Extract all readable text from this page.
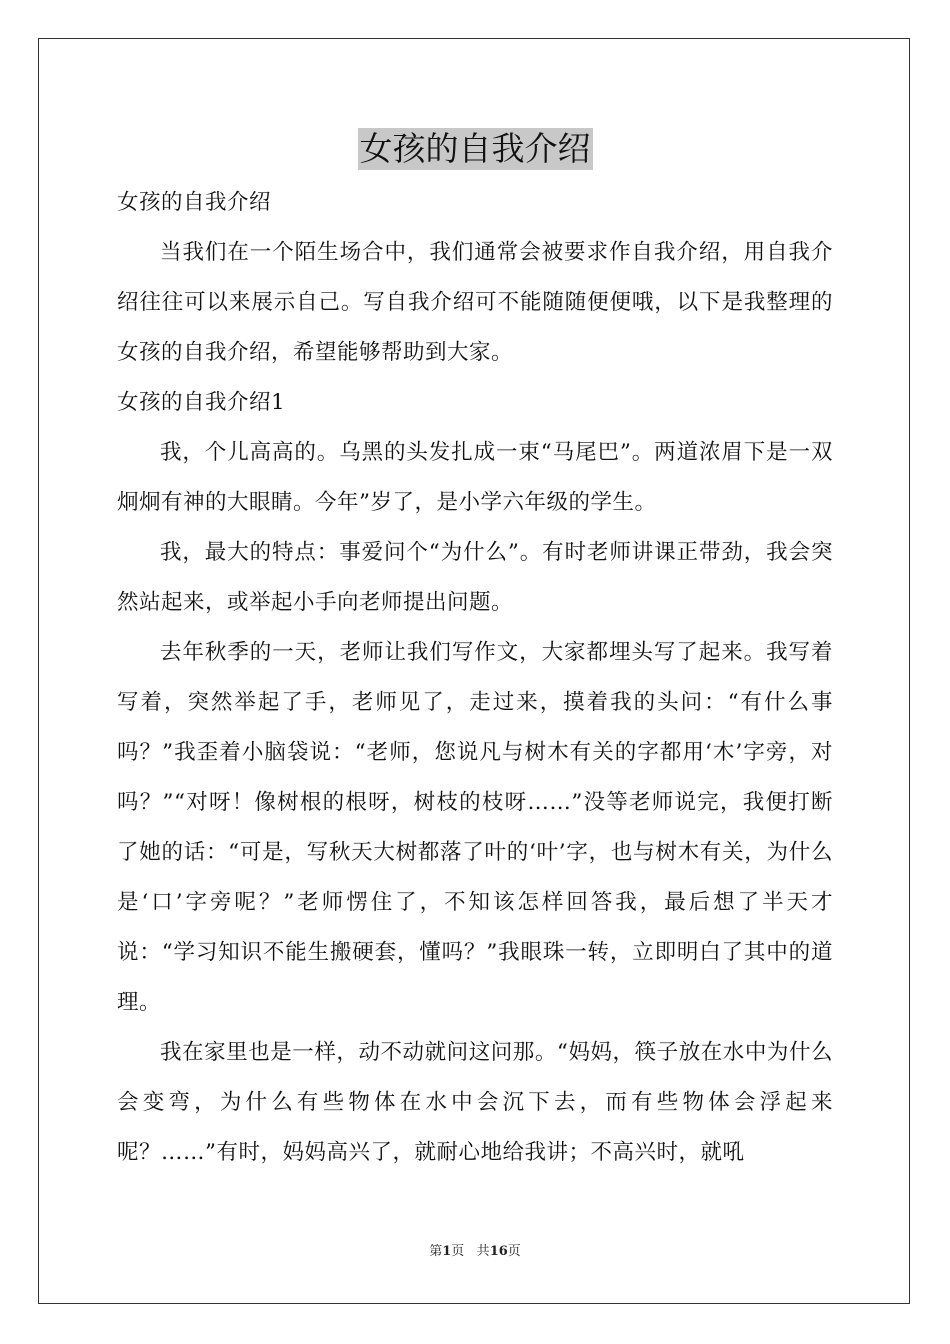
女孩的自我介绍

女孩的自我介绍

当我们在一个陌生场合中，我们通常会被要求作自我介绍，用自我介绍往往可以来展示自己。写自我介绍可不能随随便便哦，以下是我整理的女孩的自我介绍，希望能够帮助到大家。

女孩的自我介绍1

我，个儿高高的。乌黑的头发扎成一束“马尾巴”。两道浓眉下是一双炯炯有神的大眼睛。今年”岁了，是小学六年级的学生。

我，最大的特点：事爱问个“为什么”。有时老师讲课正带劲，我会突然站起来，或举起小手向老师提出问题。

去年秋季的一天，老师让我们写作文，大家都埋头写了起来。我写着写着，突然举起了手，老师见了，走过来，摸着我的头问：“有什么事吗？”我歪着小脑袋说：“老师，您说凡与树木有关的字都用‘木’字旁，对吗？”“对呀！像树根的根呀，树枝的枝呀……”没等老师说完，我便打断了她的话：“可是，写秋天大树都落了叶的‘叶’字，也与树木有关，为什么是‘口’字旁呢？”老师愣住了，不知该怎样回答我，最后想了半天才说：“学习知识不能生搬硬套，懂吗？”我眼珠一转，立即明白了其中的道理。

我在家里也是一样，动不动就问这问那。“妈妈，筷子放在水中为什么会变弯，为什么有些物体在水中会沉下去，而有些物体会浮起来呢？……”有时，妈妈高兴了，就耐心地给我讲；不高兴时，就吼

第1页 共16页
